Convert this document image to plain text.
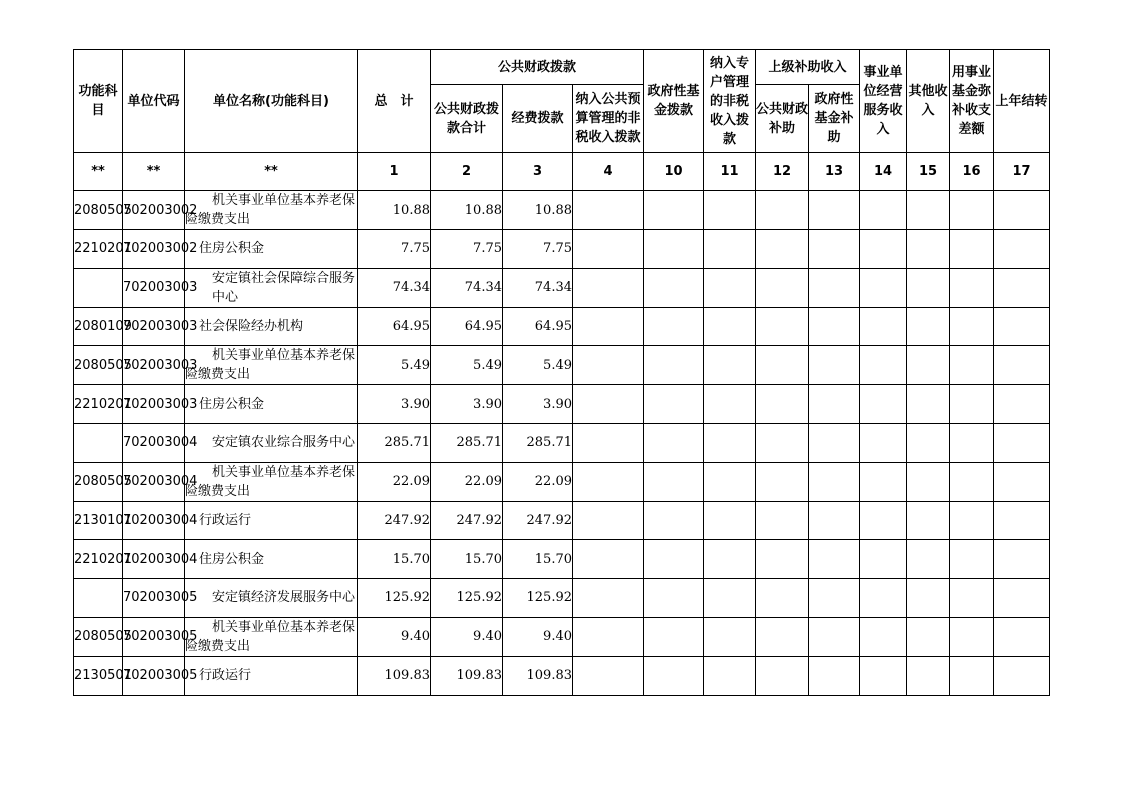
功能科目	单位代码	单位名称(功能科目)	总　计	公共财政拨款			政府性基金拨款	纳入专户管理的非税收入拨款	上级补助收入		事业单位经营服务收入	其他收入	用事业基金弥补收支差额	上年结转
				公共财政拨款合计	经费拨款	纳入公共预算管理的非税收入拨款								
									公共财政补助	政府性基金补助				
**	**	**	1	2	3	4	10	11	12	13	14	15	16	17
2080505	702003002	机关事业单位基本养老保险缴费支出	10.88	10.88	10.88									
2210201	702003002	住房公积金	7.75	7.75	7.75									
	702003003	安定镇社会保障综合服务中心	74.34	74.34	74.34									
2080109	702003003	社会保险经办机构	64.95	64.95	64.95									
2080505	702003003	机关事业单位基本养老保险缴费支出	5.49	5.49	5.49									
2210201	702003003	住房公积金	3.90	3.90	3.90									
	702003004	安定镇农业综合服务中心	285.71	285.71	285.71									
2080505	702003004	机关事业单位基本养老保险缴费支出	22.09	22.09	22.09									
2130101	702003004	行政运行	247.92	247.92	247.92									
2210201	702003004	住房公积金	15.70	15.70	15.70									
	702003005	安定镇经济发展服务中心	125.92	125.92	125.92									
2080505	702003005	机关事业单位基本养老保险缴费支出	9.40	9.40	9.40									
2130501	702003005	行政运行	109.83	109.83	109.83									
